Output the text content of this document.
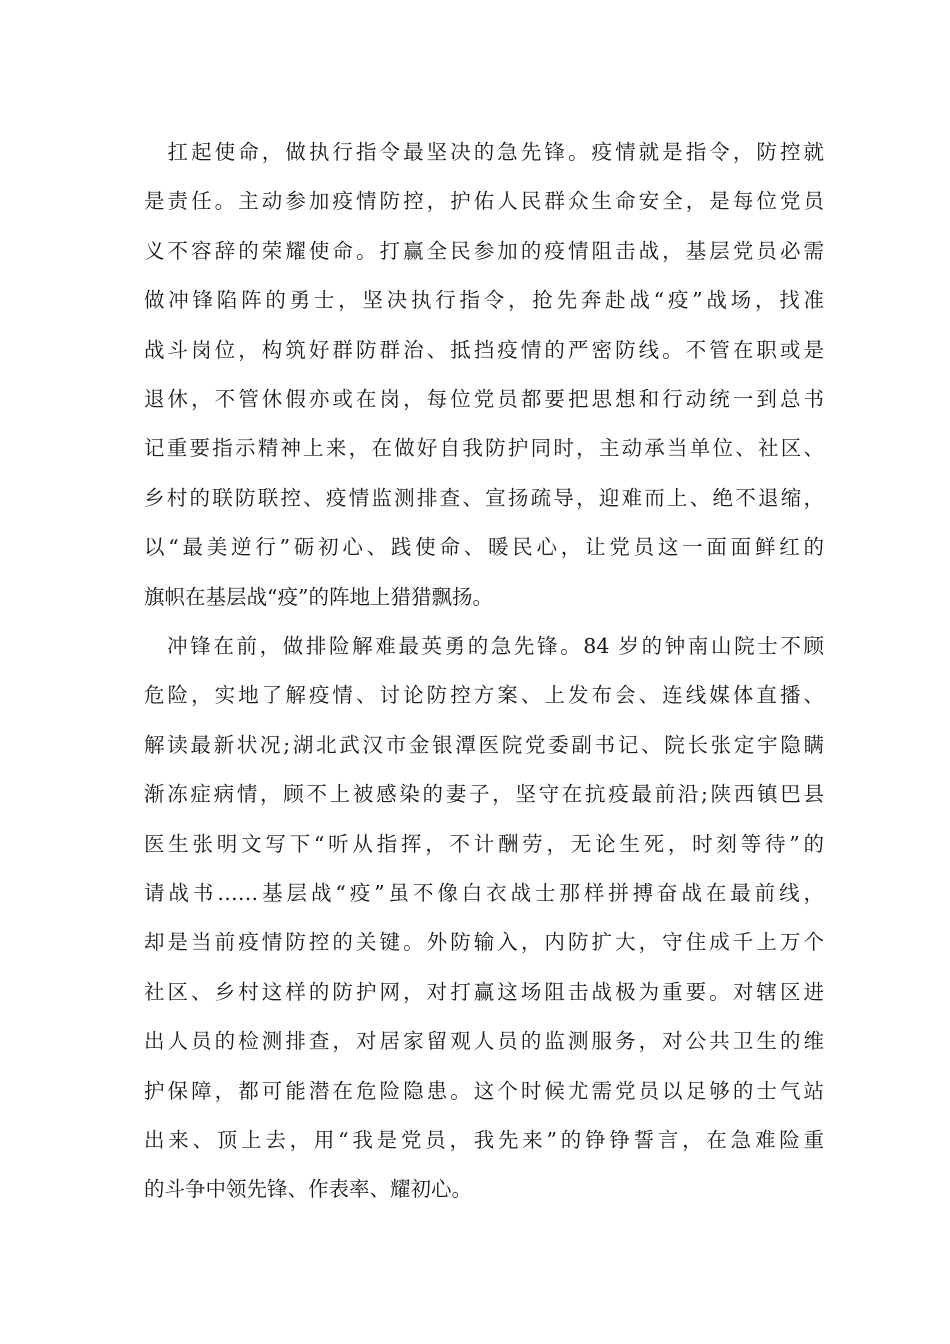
　扛起使命，做执行指令最坚决的急先锋。疫情就是指令，防控就
是责任。主动参加疫情防控，护佑人民群众生命安全，是每位党员
义不容辞的荣耀使命。打赢全民参加的疫情阻击战，基层党员必需
做冲锋陷阵的勇士，坚决执行指令，抢先奔赴战“疫”战场，找准
战斗岗位，构筑好群防群治、抵挡疫情的严密防线。不管在职或是
退休，不管休假亦或在岗，每位党员都要把思想和行动统一到总书
记重要指示精神上来，在做好自我防护同时，主动承当单位、社区、
乡村的联防联控、疫情监测排查、宣扬疏导，迎难而上、绝不退缩，
以“最美逆行”砺初心、践使命、暖民心，让党员这一面面鲜红的
旗帜在基层战“疫”的阵地上猎猎飘扬。
　冲锋在前，做排险解难最英勇的急先锋。84 岁的钟南山院士不顾
危险，实地了解疫情、讨论防控方案、上发布会、连线媒体直播、
解读最新状况;湖北武汉市金银潭医院党委副书记、院长张定宇隐瞒
渐冻症病情，顾不上被感染的妻子，坚守在抗疫最前沿;陕西镇巴县
医生张明文写下“听从指挥，不计酬劳，无论生死，时刻等待”的
请战书……基层战“疫”虽不像白衣战士那样拼搏奋战在最前线，
却是当前疫情防控的关键。外防输入，内防扩大，守住成千上万个
社区、乡村这样的防护网，对打赢这场阻击战极为重要。对辖区进
出人员的检测排查，对居家留观人员的监测服务，对公共卫生的维
护保障，都可能潜在危险隐患。这个时候尤需党员以足够的士气站
出来、顶上去，用“我是党员，我先来”的铮铮誓言，在急难险重
的斗争中领先锋、作表率、耀初心。
